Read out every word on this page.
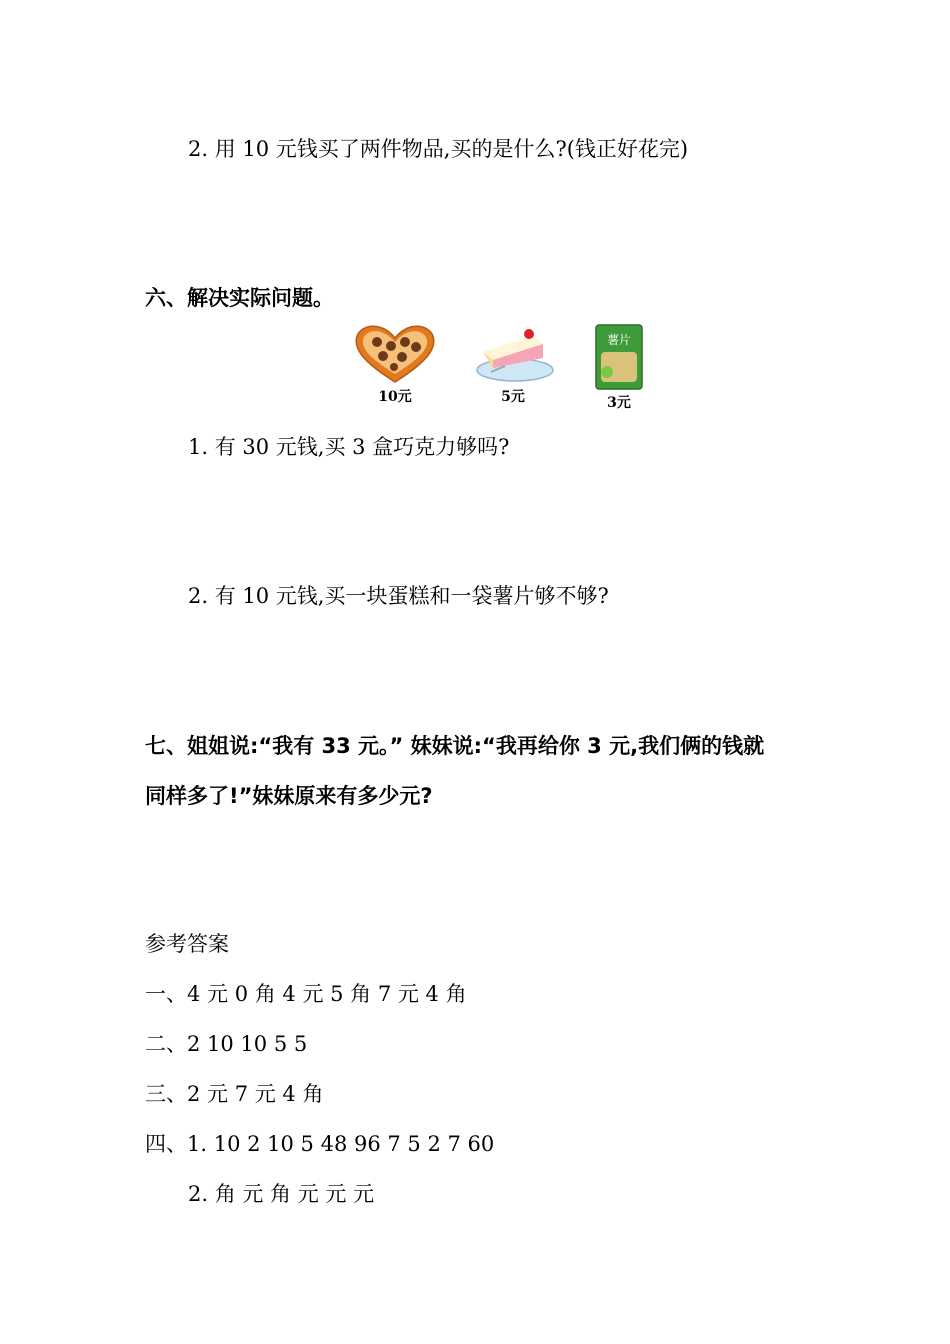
2. 用 10 元钱买了两件物品,买的是什么?(钱正好花完)
六、解决实际问题。
10元	5元
薯片
3元
1. 有 30 元钱,买 3 盒巧克力够吗?
2. 有 10 元钱,买一块蛋糕和一袋薯片够不够?
七、姐姐说:“我有 33 元。” 妹妹说:“我再给你 3 元,我们俩的钱就
同样多了!”妹妹原来有多少元?
参考答案
一、4 元 0 角 4 元 5 角 7 元 4 角
二、2 10 10 5 5
三、2 元 7 元 4 角
四、1. 10 2 10 5 48 96 7 5 2 7 60
2. 角 元 角 元 元 元
